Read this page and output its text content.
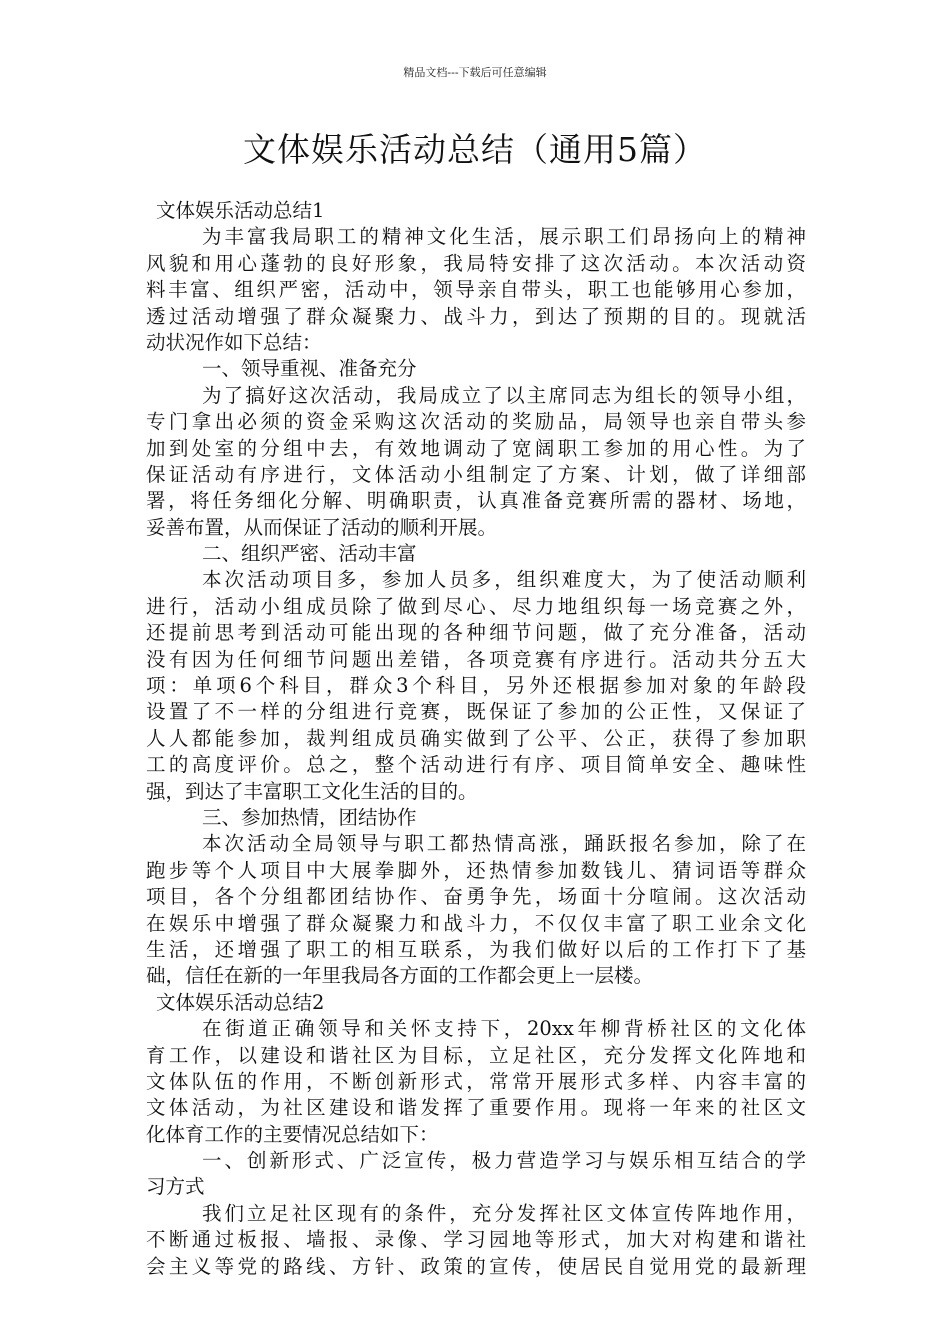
精品文档---下载后可任意编辑
文体娱乐活动总结（通用5篇）
文体娱乐活动总结1
为丰富我局职工的精神文化生活，展示职工们昂扬向上的精神
风貌和用心蓬勃的良好形象，我局特安排了这次活动。本次活动资
料丰富、组织严密，活动中，领导亲自带头，职工也能够用心参加，
透过活动增强了群众凝聚力、战斗力，到达了预期的目的。现就活
动状况作如下总结：
一、领导重视、准备充分
为了搞好这次活动，我局成立了以主席同志为组长的领导小组，
专门拿出必须的资金采购这次活动的奖励品，局领导也亲自带头参
加到处室的分组中去，有效地调动了宽阔职工参加的用心性。为了
保证活动有序进行，文体活动小组制定了方案、计划，做了详细部
署，将任务细化分解、明确职责，认真准备竞赛所需的器材、场地，
妥善布置，从而保证了活动的顺利开展。
二、组织严密、活动丰富
本次活动项目多，参加人员多，组织难度大，为了使活动顺利
进行，活动小组成员除了做到尽心、尽力地组织每一场竞赛之外，
还提前思考到活动可能出现的各种细节问题，做了充分准备，活动
没有因为任何细节问题出差错，各项竞赛有序进行。活动共分五大
项：单项6个科目，群众3个科目，另外还根据参加对象的年龄段
设置了不一样的分组进行竞赛，既保证了参加的公正性，又保证了
人人都能参加，裁判组成员确实做到了公平、公正，获得了参加职
工的高度评价。总之，整个活动进行有序、项目简单安全、趣味性
强，到达了丰富职工文化生活的目的。
三、参加热情，团结协作
本次活动全局领导与职工都热情高涨，踊跃报名参加，除了在
跑步等个人项目中大展拳脚外，还热情参加数钱儿、猜词语等群众
项目，各个分组都团结协作、奋勇争先，场面十分喧闹。这次活动
在娱乐中增强了群众凝聚力和战斗力，不仅仅丰富了职工业余文化
生活，还增强了职工的相互联系，为我们做好以后的工作打下了基
础，信任在新的一年里我局各方面的工作都会更上一层楼。
文体娱乐活动总结2
在街道正确领导和关怀支持下，20xx年柳背桥社区的文化体
育工作，以建设和谐社区为目标，立足社区，充分发挥文化阵地和
文体队伍的作用，不断创新形式，常常开展形式多样、内容丰富的
文体活动，为社区建设和谐发挥了重要作用。现将一年来的社区文
化体育工作的主要情况总结如下：
一、创新形式、广泛宣传，极力营造学习与娱乐相互结合的学
习方式
我们立足社区现有的条件，充分发挥社区文体宣传阵地作用，
不断通过板报、墙报、录像、学习园地等形式，加大对构建和谐社
会主义等党的路线、方针、政策的宣传，使居民自觉用党的最新理
